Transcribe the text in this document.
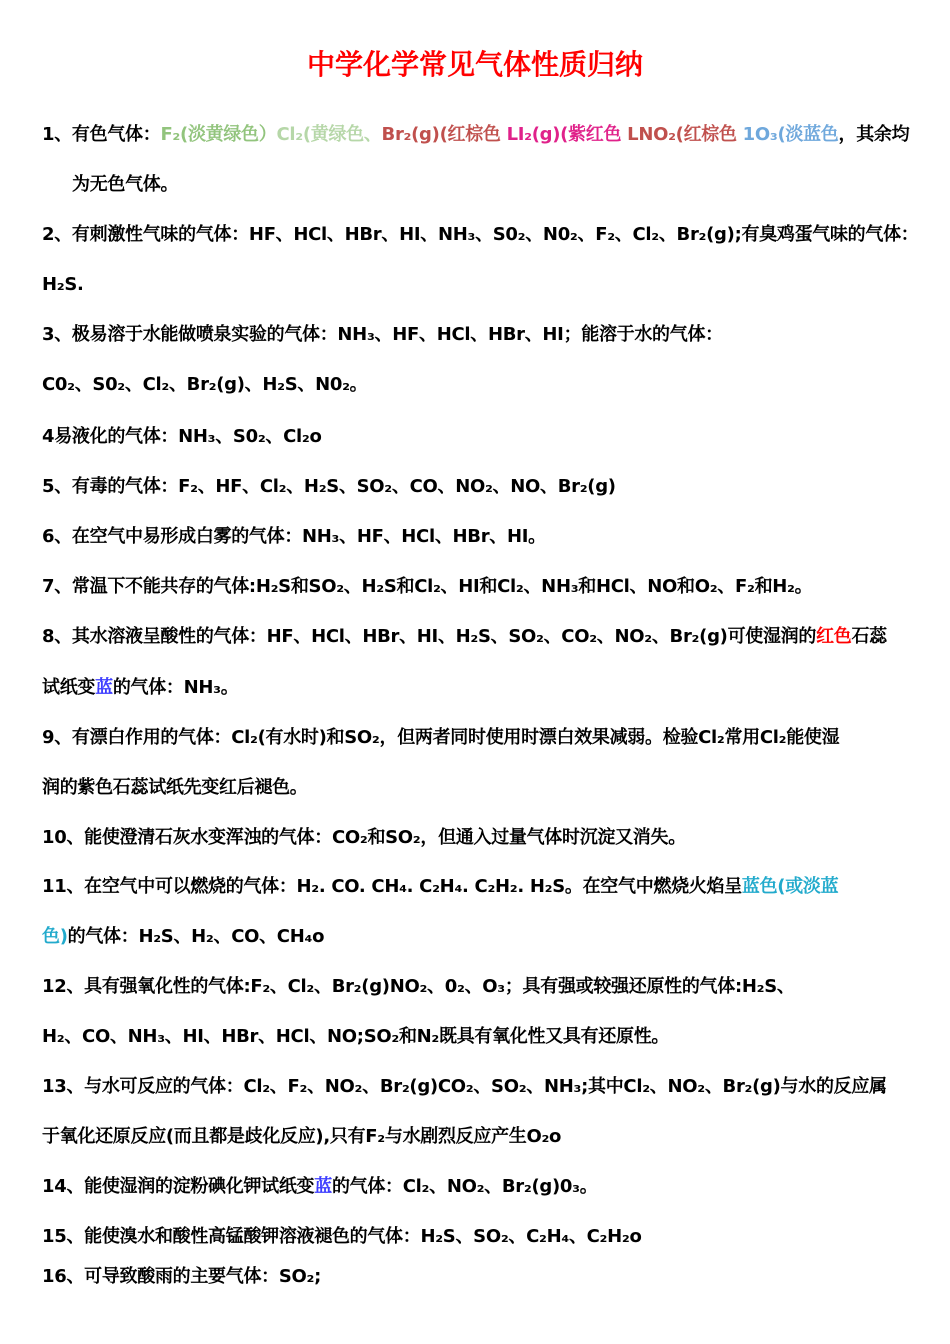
中学化学常见气体性质归纳
1、有色气体：F₂(淡黄绿色）Cl₂(黄绿色、Br₂(g)(红棕色 LI₂(g)(紫红色 LNO₂(红棕色 1O₃(淡蓝色，其余均
为无色气体。
2、有刺激性气味的气体：HF、HCl、HBr、HI、NH₃、S0₂、N0₂、F₂、Cl₂、Br₂(g);有臭鸡蛋气味的气体：
H₂S.
3、极易溶于水能做喷泉实验的气体：NH₃、HF、HCl、HBr、HI；能溶于水的气体：
C0₂、S0₂、Cl₂、Br₂(g)、H₂S、N0₂。
4易液化的气体：NH₃、S0₂、Cl₂o
5、有毒的气体：F₂、HF、Cl₂、H₂S、SO₂、CO、NO₂、NO、Br₂(g)
6、在空气中易形成白雾的气体：NH₃、HF、HCl、HBr、HI。
7、常温下不能共存的气体:H₂S和SO₂、H₂S和Cl₂、HI和Cl₂、NH₃和HCl、NO和O₂、F₂和H₂。
8、其水溶液呈酸性的气体：HF、HCl、HBr、HI、H₂S、SO₂、CO₂、NO₂、Br₂(g)可使湿润的红色石蕊
试纸变蓝的气体：NH₃。
9、有漂白作用的气体：Cl₂(有水时)和SO₂，但两者同时使用时漂白效果减弱。检验Cl₂常用Cl₂能使湿
润的紫色石蕊试纸先变红后褪色。
10、能使澄清石灰水变浑浊的气体：CO₂和SO₂，但通入过量气体时沉淀又消失。
11、在空气中可以燃烧的气体：H₂. CO. CH₄. C₂H₄. C₂H₂. H₂S。在空气中燃烧火焰呈蓝色(或淡蓝
色)的气体：H₂S、H₂、CO、CH₄o
12、具有强氧化性的气体:F₂、Cl₂、Br₂(g)NO₂、0₂、O₃；具有强或较强还原性的气体:H₂S、
H₂、CO、NH₃、HI、HBr、HCl、NO;SO₂和N₂既具有氧化性又具有还原性。
13、与水可反应的气体：Cl₂、F₂、NO₂、Br₂(g)CO₂、SO₂、NH₃;其中Cl₂、NO₂、Br₂(g)与水的反应属
于氧化还原反应(而且都是歧化反应),只有F₂与水剧烈反应产生O₂o
14、能使湿润的淀粉碘化钾试纸变蓝的气体：Cl₂、NO₂、Br₂(g)0₃。
15、能使溴水和酸性高锰酸钾溶液褪色的气体：H₂S、SO₂、C₂H₄、C₂H₂o
16、可导致酸雨的主要气体：SO₂;
